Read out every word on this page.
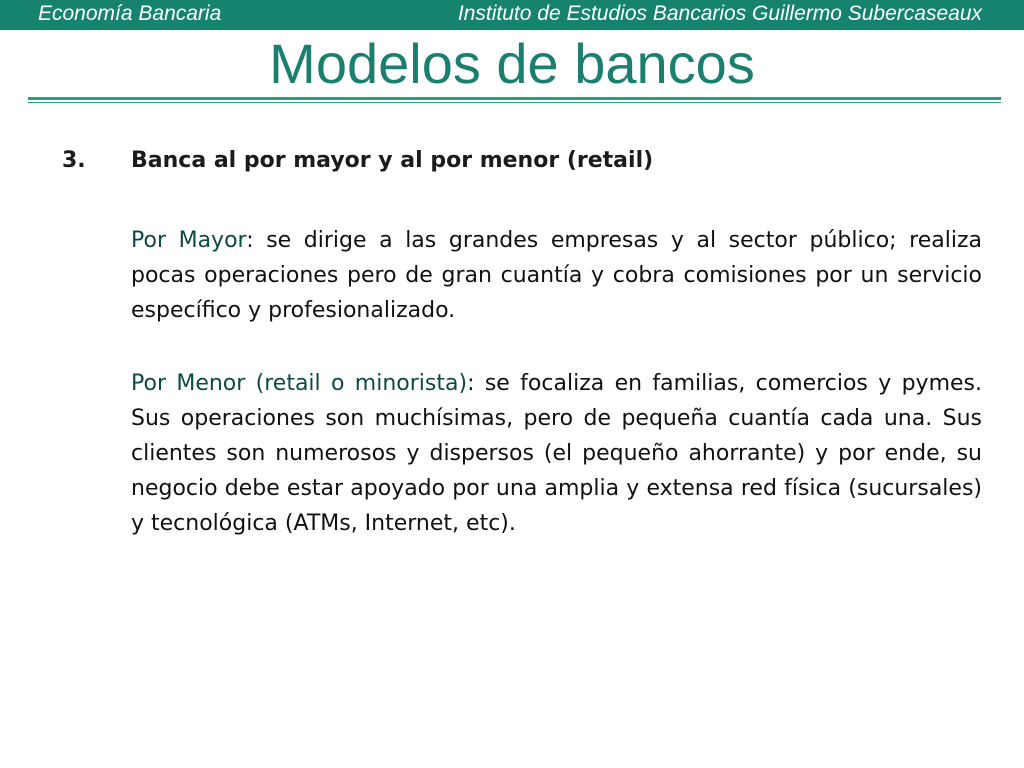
Economía Bancaria	Instituto de Estudios Bancarios Guillermo Subercaseaux
Modelos de bancos
3.	Banca al por mayor y al por menor (retail)

Por Mayor: se dirige a las grandes empresas y al sector público; realiza pocas operaciones pero de gran cuantía y cobra comisiones por un servicio específico y profesionalizado.

Por Menor (retail o minorista): se focaliza en familias, comercios y pymes. Sus operaciones son muchísimas, pero de pequeña cuantía cada una. Sus clientes son numerosos y dispersos (el pequeño ahorrante) y por ende, su negocio debe estar apoyado por una amplia y extensa red física (sucursales) y tecnológica (ATMs, Internet, etc).
